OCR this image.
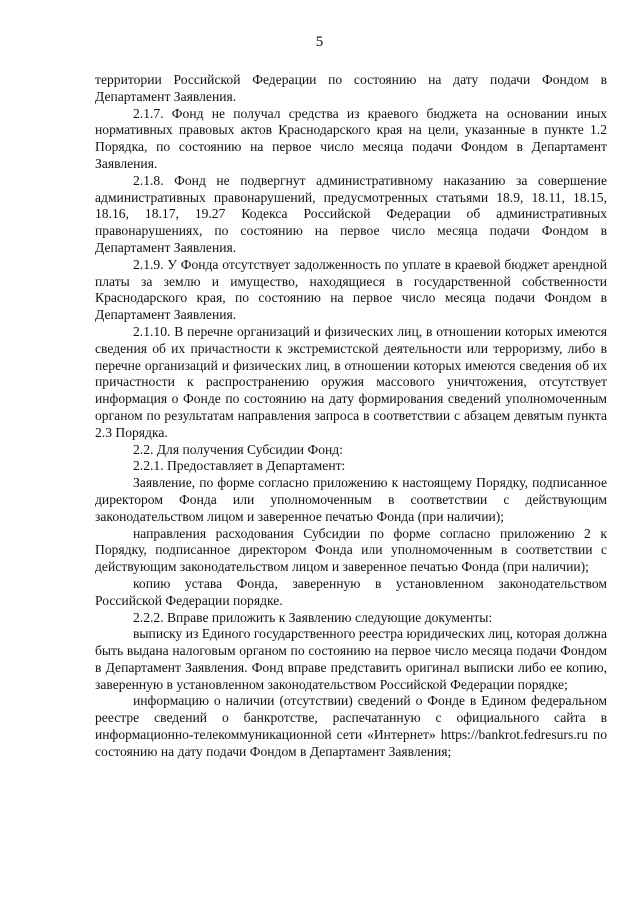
5

территории Российской Федерации по состоянию на дату подачи Фондом в Департамент Заявления.

2.1.7. Фонд не получал средства из краевого бюджета на основании иных нормативных правовых актов Краснодарского края на цели, указанные в пункте 1.2 Порядка, по состоянию на первое число месяца подачи Фондом в Департамент Заявления.

2.1.8. Фонд не подвергнут административному наказанию за совершение административных правонарушений, предусмотренных статьями 18.9, 18.11, 18.15, 18.16, 18.17, 19.27 Кодекса Российской Федерации об административных правонарушениях, по состоянию на первое число месяца подачи Фондом в Департамент Заявления.

2.1.9. У Фонда отсутствует задолженность по уплате в краевой бюджет арендной платы за землю и имущество, находящиеся в государственной собственности Краснодарского края, по состоянию на первое число месяца подачи Фондом в Департамент Заявления.

2.1.10. В перечне организаций и физических лиц, в отношении которых имеются сведения об их причастности к экстремистской деятельности или терроризму, либо в перечне организаций и физических лиц, в отношении которых имеются сведения об их причастности к распространению оружия массового уничтожения, отсутствует информация о Фонде по состоянию на дату формирования сведений уполномоченным органом по результатам направления запроса в соответствии с абзацем девятым пункта 2.3 Порядка.

2.2. Для получения Субсидии Фонд:

2.2.1. Предоставляет в Департамент:

Заявление, по форме согласно приложению к настоящему Порядку, подписанное директором Фонда или уполномоченным в соответствии с действующим законодательством лицом и заверенное печатью Фонда (при наличии);

направления расходования Субсидии по форме согласно приложению 2 к Порядку, подписанное директором Фонда или уполномоченным в соответствии с действующим законодательством лицом и заверенное печатью Фонда (при наличии);

копию устава Фонда, заверенную в установленном законодательством Российской Федерации порядке.

2.2.2. Вправе приложить к Заявлению следующие документы:

выписку из Единого государственного реестра юридических лиц, которая должна быть выдана налоговым органом по состоянию на первое число месяца подачи Фондом в Департамент Заявления. Фонд вправе представить оригинал выписки либо ее копию, заверенную в установленном законодательством Российской Федерации порядке;

информацию о наличии (отсутствии) сведений о Фонде в Едином федеральном реестре сведений о банкротстве, распечатанную с официального сайта в информационно-телекоммуникационной сети «Интернет» https://bankrot.fedresurs.ru по состоянию на дату подачи Фондом в Департамент Заявления;
